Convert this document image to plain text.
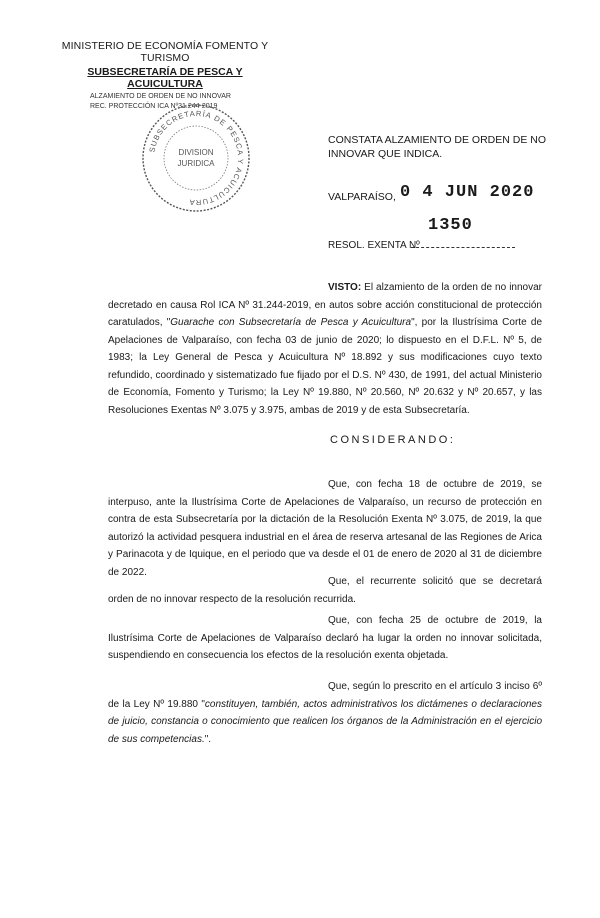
MINISTERIO DE ECONOMÍA FOMENTO Y TURISMO
SUBSECRETARÍA DE PESCA Y ACUICULTURA
ALZAMIENTO DE ORDEN DE NO INNOVAR
REC. PROTECCIÓN ICA Nº31.244-2019
SUBSECRETARÍA DE PESCA Y ACUICULTURA
DIVISION
JURIDICA
CONSTATA ALZAMIENTO DE ORDEN DE NO INNOVAR QUE INDICA.
VALPARAÍSO, 0 4 JUN 2020
1350
RESOL. EXENTA Nº
VISTO: El alzamiento de la orden de no innovar decretado en causa Rol ICA Nº 31.244-2019, en autos sobre acción constitucional de protección caratulados, "Guarache con Subsecretaría de Pesca y Acuicultura", por la Ilustrísima Corte de Apelaciones de Valparaíso, con fecha 03 de junio de 2020; lo dispuesto en el D.F.L. Nº 5, de 1983; la Ley General de Pesca y Acuicultura Nº 18.892 y sus modificaciones cuyo texto refundido, coordinado y sistematizado fue fijado por el D.S. Nº 430, de 1991, del actual Ministerio de Economía, Fomento y Turismo; la Ley Nº 19.880, Nº 20.560, Nº 20.632 y Nº 20.657, y las Resoluciones Exentas Nº 3.075 y 3.975, ambas de 2019 y de esta Subsecretaría.
CONSIDERANDO:
Que, con fecha 18 de octubre de 2019, se interpuso, ante la Ilustrísima Corte de Apelaciones de Valparaíso, un recurso de protección en contra de esta Subsecretaría por la dictación de la Resolución Exenta Nº 3.075, de 2019, la que autorizó la actividad pesquera industrial en el área de reserva artesanal de las Regiones de Arica y Parinacota y de Iquique, en el periodo que va desde el 01 de enero de 2020 al 31 de diciembre de 2022.
Que, el recurrente solicitó que se decretará orden de no innovar respecto de la resolución recurrida.
Que, con fecha 25 de octubre de 2019, la Ilustrísima Corte de Apelaciones de Valparaíso declaró ha lugar la orden no innovar solicitada, suspendiendo en consecuencia los efectos de la resolución exenta objetada.
Que, según lo prescrito en el artículo 3 inciso 6º de la Ley Nº 19.880 "constituyen, también, actos administrativos los dictámenes o declaraciones de juicio, constancia o conocimiento que realicen los órganos de la Administración en el ejercicio de sus competencias.".
